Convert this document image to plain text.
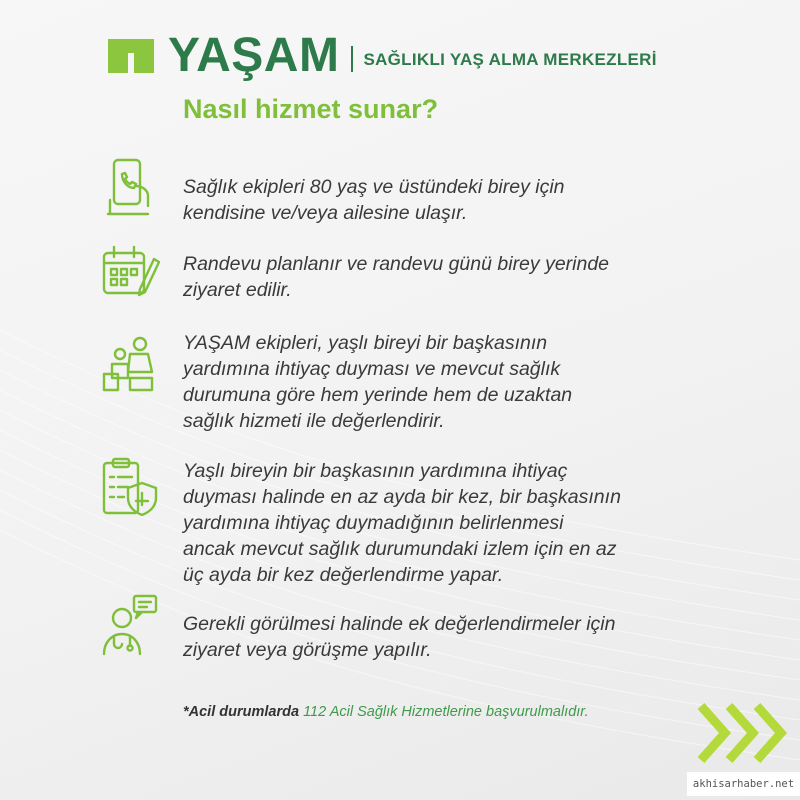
YAŞAM SAĞLIKLI YAŞ ALMA MERKEZLERİ
Nasıl hizmet sunar?
Sağlık ekipleri 80 yaş ve üstündeki birey için
kendisine ve/veya ailesine ulaşır.
Randevu planlanır ve randevu günü birey yerinde
ziyaret edilir.
YAŞAM ekipleri, yaşlı bireyi bir başkasının
yardımına ihtiyaç duyması ve mevcut sağlık
durumuna göre hem yerinde hem de uzaktan
sağlık hizmeti ile değerlendirir.
Yaşlı bireyin bir başkasının yardımına ihtiyaç
duyması halinde en az ayda bir kez, bir başkasının
yardımına ihtiyaç duymadığının belirlenmesi
ancak mevcut sağlık durumundaki izlem için en az
üç ayda bir kez değerlendirme yapar.
Gerekli görülmesi halinde ek değerlendirmeler için
ziyaret veya görüşme yapılır.
*Acil durumlarda 112 Acil Sağlık Hizmetlerine başvurulmalıdır.
akhisarhaber.net
